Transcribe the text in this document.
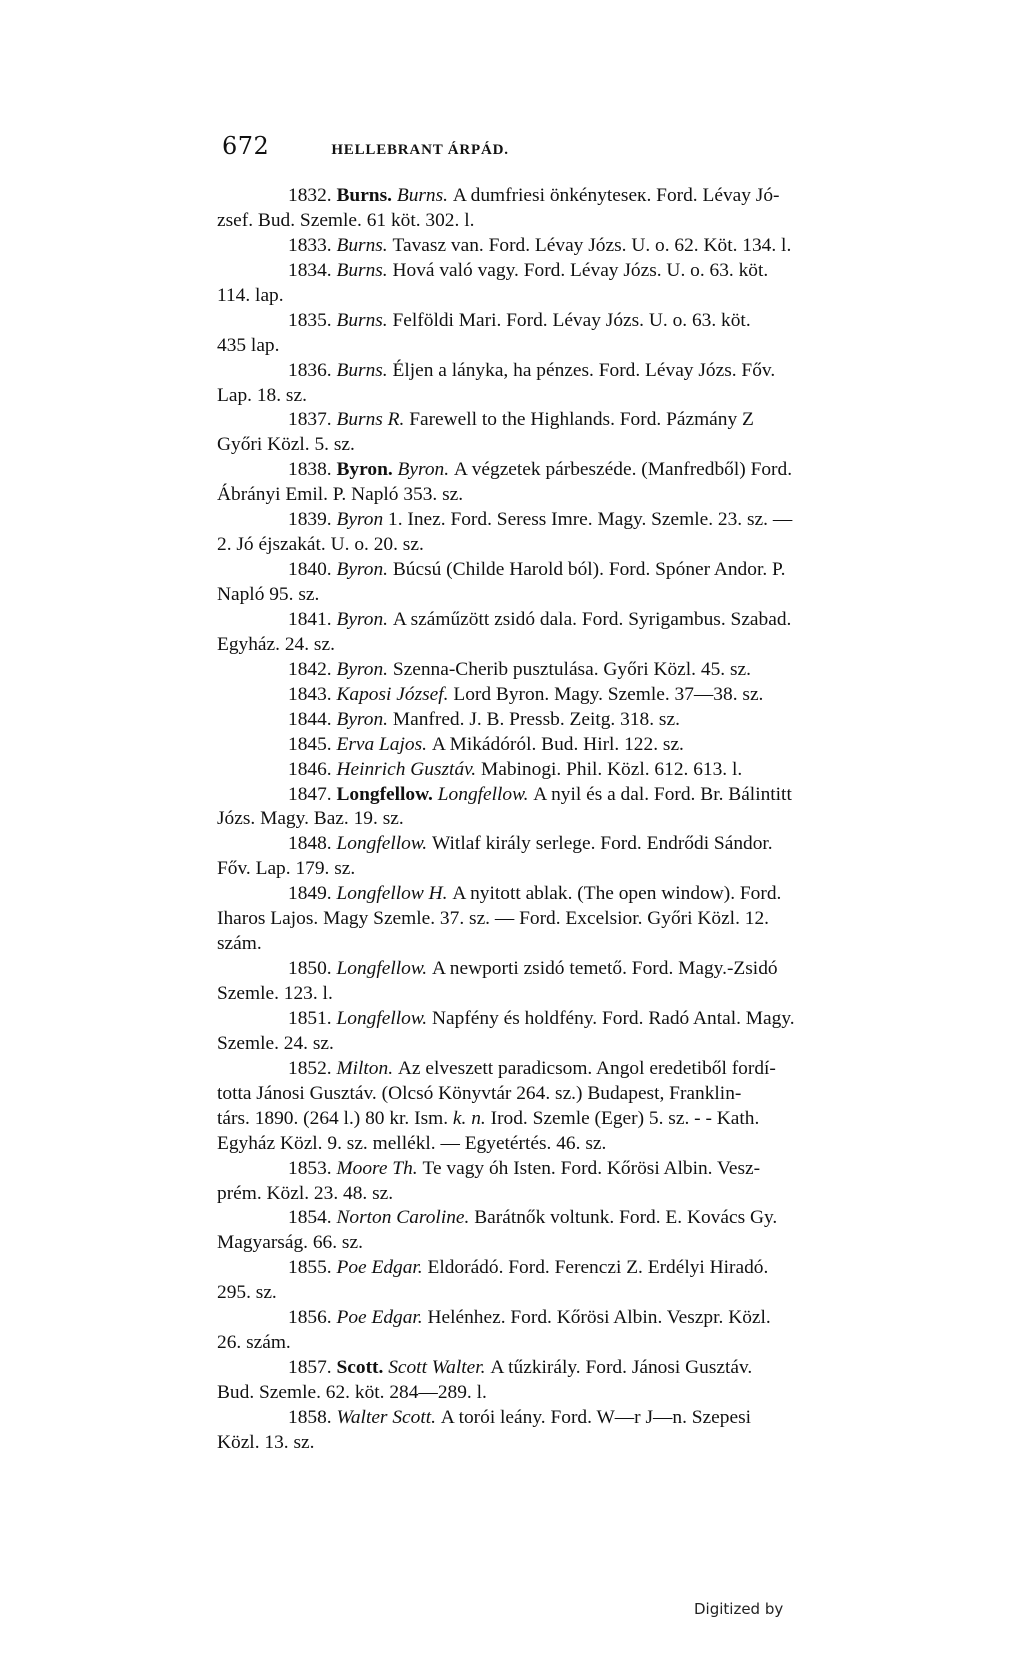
672	HELLEBRANT ÁRPÁD.
1832. Burns. Burns. A dumfriesi önkényteseк. Ford. Lévay Jó-
zsef. Bud. Szemle. 61 köt. 302. l.
1833. Burns. Tavasz van. Ford. Lévay Józs. U. o. 62. Köt. 134. l.
1834. Burns. Hová való vagy. Ford. Lévay Józs. U. o. 63. köt.
114. lap.
1835. Burns. Felföldi Mari. Ford. Lévay Józs. U. o. 63. köt.
435 lap.
1836. Burns. Éljen a lányka, ha pénzes. Ford. Lévay Józs. Főv.
Lap. 18. sz.
1837. Burns R. Farewell to the Highlands. Ford. Pázmány Z
Győri Közl. 5. sz.
1838. Byron. Byron. A végzetek párbeszéde. (Manfredből) Ford.
Ábrányi Emil. P. Napló 353. sz.
1839. Byron 1. Inez. Ford. Seress Imre. Magy. Szemle. 23. sz. —
2. Jó éjszakát. U. o. 20. sz.
1840. Byron. Búcsú (Childe Harold ból). Ford. Spóner Andor. P.
Napló 95. sz.
1841. Byron. A száműzött zsidó dala. Ford. Syrigambus. Szabad.
Egyház. 24. sz.
1842. Byron. Szenna-Cherib pusztulása. Győri Közl. 45. sz.
1843. Kaposi József. Lord Byron. Magy. Szemle. 37—38. sz.
1844. Byron. Manfred. J. B. Pressb. Zeitg. 318. sz.
1845. Erva Lajos. A Mikádóról. Bud. Hirl. 122. sz.
1846. Heinrich Gusztáv. Mabinogi. Phil. Közl. 612. 613. l.
1847. Longfellow. Longfellow. A nyil és a dal. Ford. Br. Bálintitt
Józs. Magy. Baz. 19. sz.
1848. Longfellow. Witlaf király serlege. Ford. Endrődi Sándor.
Főv. Lap. 179. sz.
1849. Longfellow H. A nyitott ablak. (The open window). Ford.
Iharos Lajos. Magy Szemle. 37. sz. — Ford. Excelsior. Győri Közl. 12.
szám.
1850. Longfellow. A newporti zsidó temető. Ford. Magy.-Zsidó
Szemle. 123. l.
1851. Longfellow. Napfény és holdfény. Ford. Radó Antal. Magy.
Szemle. 24. sz.
1852. Milton. Az elveszett paradicsom. Angol eredetiből fordí-
totta Jánosi Gusztáv. (Olcsó Könyvtár 264. sz.) Budapest, Franklin-
társ. 1890. (264 l.) 80 kr. Ism. k. n. Irod. Szemle (Eger) 5. sz. - - Kath.
Egyház Közl. 9. sz. mellékl. — Egyetértés. 46. sz.
1853. Moore Th. Te vagy óh Isten. Ford. Kőrösi Albin. Vesz-
prém. Közl. 23. 48. sz.
1854. Norton Caroline. Barátnők voltunk. Ford. E. Kovács Gy.
Magyarság. 66. sz.
1855. Poe Edgar. Eldorádó. Ford. Ferenczi Z. Erdélyi Hiradó.
295. sz.
1856. Poe Edgar. Helénhez. Ford. Kőrösi Albin. Veszpr. Közl.
26. szám.
1857. Scott. Scott Walter. A tűzkirály. Ford. Jánosi Gusztáv.
Bud. Szemle. 62. köt. 284—289. l.
1858. Walter Scott. A torói leány. Ford. W—r J—n. Szepesi
Közl. 13. sz.
Digitized by
